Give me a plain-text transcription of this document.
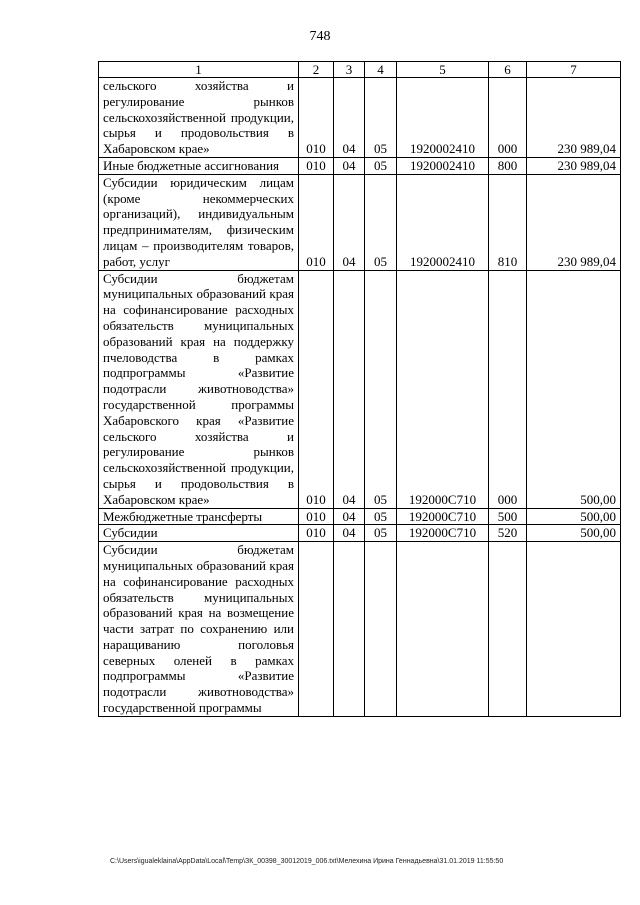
748
1	2	3	4	5	6	7
сельского хозяйства и регулирование рынков сельскохозяйственной продукции, сырья и продовольствия в Хабаровском крае»	010	04	05	1920002410	000	230 989,04
Иные бюджетные ассигнования	010	04	05	1920002410	800	230 989,04
Субсидии юридическим лицам (кроме некоммерческих организаций), индивидуальным предпринимателям, физическим лицам – производителям товаров, работ, услуг	010	04	05	1920002410	810	230 989,04
Субсидии бюджетам муниципальных образований края на софинансирование расходных обязательств муниципальных образований края на поддержку пчеловодства в рамках подпрограммы «Развитие подотрасли животноводства» государственной программы Хабаровского края «Развитие сельского хозяйства и регулирование рынков сельскохозяйственной продукции, сырья и продовольствия в Хабаровском крае»	010	04	05	192000С710	000	500,00
Межбюджетные трансферты	010	04	05	192000С710	500	500,00
Субсидии	010	04	05	192000С710	520	500,00
Субсидии бюджетам муниципальных образований края на софинансирование расходных обязательств муниципальных образований края на возмещение части затрат по сохранению или наращиванию поголовья северных оленей в рамках подпрограммы «Развитие подотрасли животноводства» государственной программы						
C:\Users\igualeklaina\AppData\Local\Temp\ЗК_00398_30012019_006.txt\Мелехина Ирина Геннадьевна\31.01.2019 11:55:50
